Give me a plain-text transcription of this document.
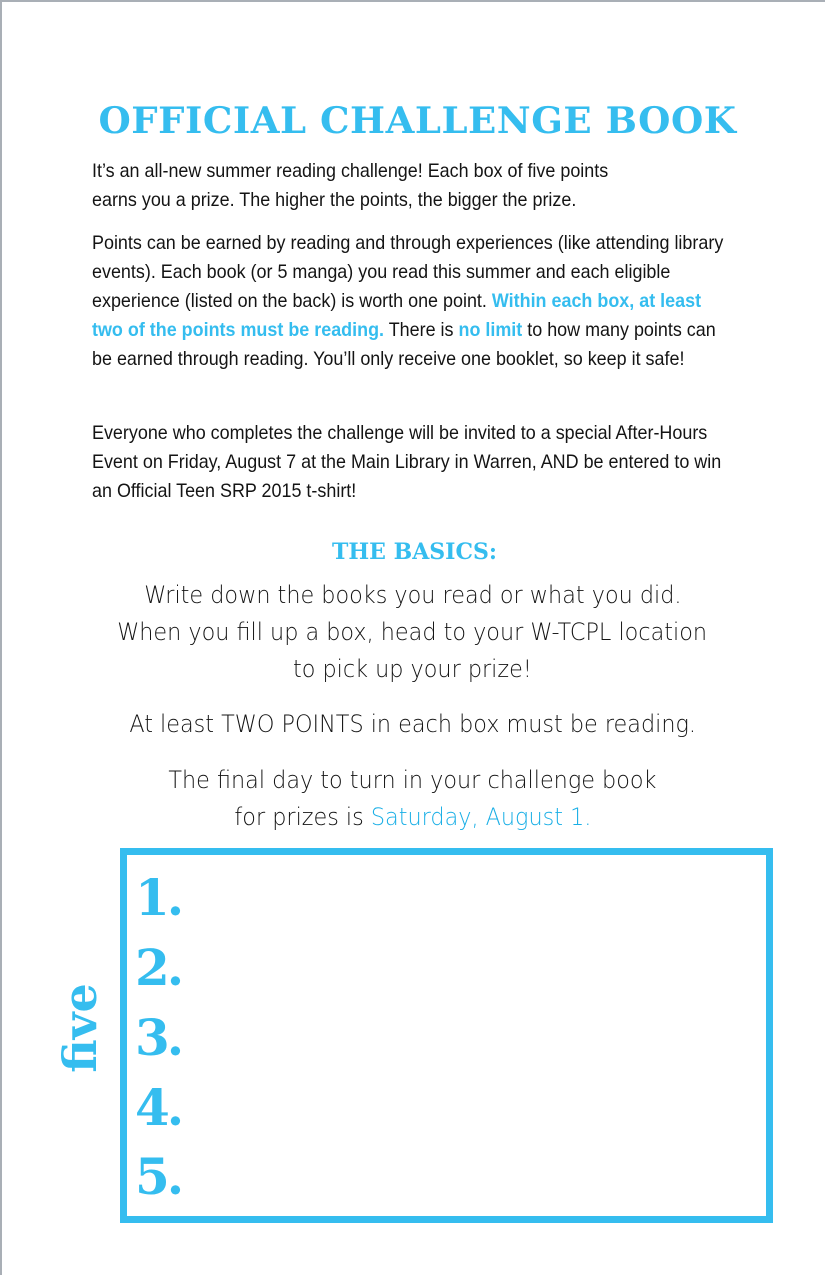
OFFICIAL CHALLENGE BOOK

It’s an all-new summer reading challenge! Each box of five points
earns you a prize. The higher the points, the bigger the prize.

Points can be earned by reading and through experiences (like attending library events). Each book (or 5 manga) you read this summer and each eligible experience (listed on the back) is worth one point. Within each box, at least two of the points must be reading. There is no limit to how many points can be earned through reading. You’ll only receive one booklet, so keep it safe!

Everyone who completes the challenge will be invited to a special After-Hours Event on Friday, August 7 at the Main Library in Warren, AND be entered to win an Official Teen SRP 2015 t-shirt!

THE BASICS:

Write down the books you read or what you did.

When you fill up a box, head to your W-TCPL location

to pick up your prize!

At least TWO POINTS in each box must be reading.

The final day to turn in your challenge book

for prizes is Saturday, August 1.

five
1.
2.
3.
4.
5.
